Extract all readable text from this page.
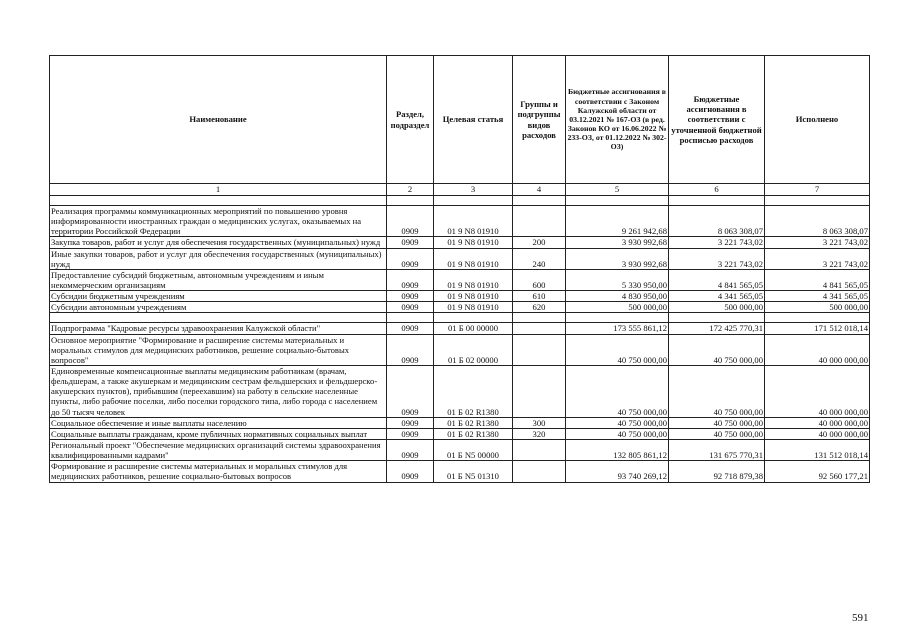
Наименование	Раздел, подраздел	Целевая статья	Группы и подгруппы видов расходов	Бюджетные ассигнования в соответствии с Законом Калужской области от 03.12.2021 № 167-ОЗ (в ред. Законов КО от 16.06.2022 № 233-ОЗ, от 01.12.2022 № 302-ОЗ)	Бюджетные ассигнования в соответствии с уточненной бюджетной росписью расходов	Исполнено
1	2	3	4	5	6	7

Реализация программы коммуникационных мероприятий по повышению уровня информированности иностранных граждан о медицинских услугах, оказываемых на территории Российской Федерации	0909	01 9 N8 01910		9 261 942,68	8 063 308,07	8 063 308,07
Закупка товаров, работ и услуг для обеспечения государственных (муниципальных) нужд	0909	01 9 N8 01910	200	3 930 992,68	3 221 743,02	3 221 743,02
Иные закупки товаров, работ и услуг для обеспечения государственных (муниципальных) нужд	0909	01 9 N8 01910	240	3 930 992,68	3 221 743,02	3 221 743,02
Предоставление субсидий бюджетным, автономным учреждениям и иным некоммерческим организациям	0909	01 9 N8 01910	600	5 330 950,00	4 841 565,05	4 841 565,05
Субсидии бюджетным учреждениям	0909	01 9 N8 01910	610	4 830 950,00	4 341 565,05	4 341 565,05
Субсидии автономным учреждениям	0909	01 9 N8 01910	620	500 000,00	500 000,00	500 000,00

Подпрограмма "Кадровые ресурсы здравоохранения Калужской области"	0909	01 Б 00 00000		173 555 861,12	172 425 770,31	171 512 018,14
Основное мероприятие "Формирование и расширение системы материальных и моральных стимулов для медицинских работников, решение социально-бытовых вопросов"	0909	01 Б 02 00000		40 750 000,00	40 750 000,00	40 000 000,00
Единовременные компенсационные выплаты медицинским работникам (врачам, фельдшерам, а также акушеркам и медицинским сестрам фельдшерских и фельдшерско-акушерских пунктов), прибывшим (переехавшим) на работу в сельские населенные пункты, либо рабочие поселки, либо поселки городского типа, либо города с населением до 50 тысяч человек	0909	01 Б 02 R1380		40 750 000,00	40 750 000,00	40 000 000,00
Социальное обеспечение и иные выплаты населению	0909	01 Б 02 R1380	300	40 750 000,00	40 750 000,00	40 000 000,00
Социальные выплаты гражданам, кроме публичных нормативных социальных выплат	0909	01 Б 02 R1380	320	40 750 000,00	40 750 000,00	40 000 000,00
Региональный проект "Обеспечение медицинских организаций системы здравоохранения квалифицированными кадрами"	0909	01 Б N5 00000		132 805 861,12	131 675 770,31	131 512 018,14
Формирование и расширение системы материальных и моральных стимулов для медицинских работников, решение социально-бытовых вопросов	0909	01 Б N5 01310		93 740 269,12	92 718 879,38	92 560 177,21
591
